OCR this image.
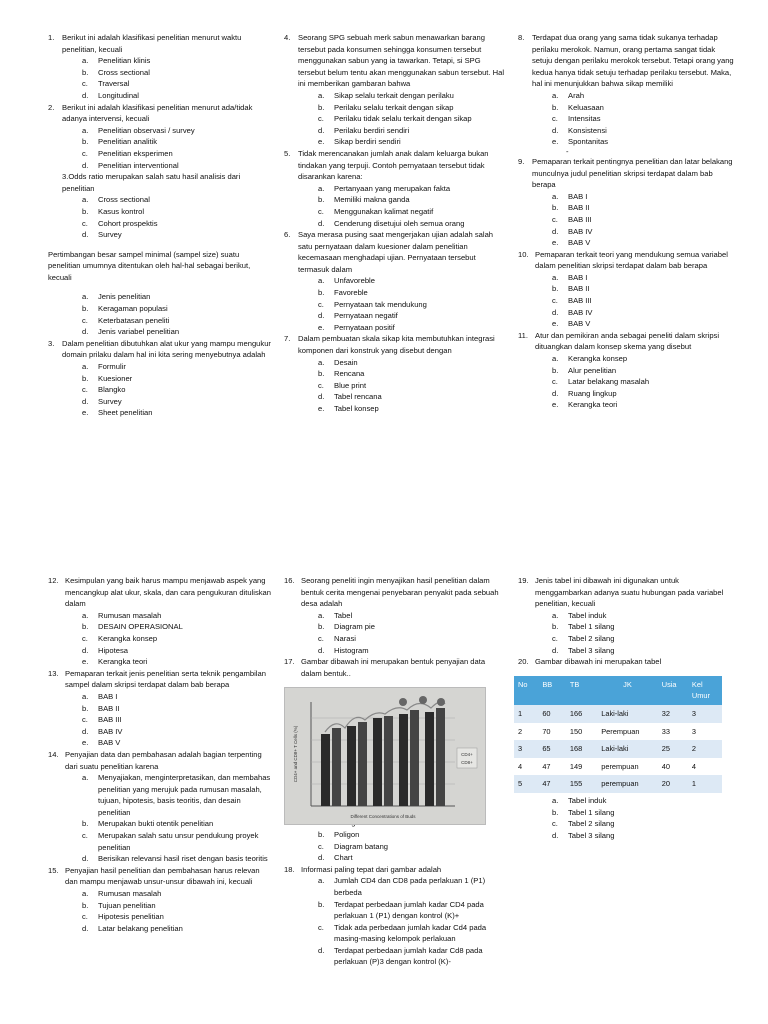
1.	Berikut ini adalah klasifikasi penelitian menurut waktu penelitian, kecuali
a.	Penelitian klinis
b.	Cross sectional
c.	Traversal
d.	Longitudinal
2.	Berikut ini adalah klasifikasi penelitian menurut ada/tidak adanya intervensi, kecuali
a.	Penelitian observasi / survey
b.	Penelitian analitik
c.	Penelitian eksperimen
d.	Penelitian interventional
3.Odds ratio merupakan salah satu hasil analisis dari penelitian
a.	Cross sectional
b.	Kasus kontrol
c.	Cohort prospektis
d.	Survey
Pertimbangan besar sampel minimal (sampel size) suatu penelitian umumnya ditentukan oleh hal-hal sebagai berikut, kecuali
a.	Jenis penelitian
b.	Keragaman populasi
c.	Keterbatasan peneliti
d.	Jenis variabel penelitian
3.	Dalam penelitian dibutuhkan alat ukur yang mampu mengukur domain prilaku dalam hal ini kita sering menyebutnya adalah
a.	Formulir
b.	Kuesioner
c.	Blangko
d.	Survey
e.	Sheet penelitian
4.	Seorang SPG sebuah merk sabun menawarkan barang tersebut pada konsumen sehingga konsumen tersebut menggunakan sabun yang ia tawarkan. Tetapi, si SPG tersebut belum tentu akan menggunakan sabun tersebut. Hal ini memberikan gambaran bahwa
a.	Sikap selalu terkait dengan perilaku
b.	Perilaku selalu terkait dengan sikap
c.	Perilaku tidak selalu terkait dengan sikap
d.	Perilaku berdiri sendiri
e.	Sikap berdiri sendiri
5.	Tidak merencanakan jumlah anak dalam keluarga bukan tindakan yang terpuji. Contoh pernyataan tersebut tidak disarankan karena:
a.	Pertanyaan yang merupakan fakta
b.	Memiliki makna ganda
c.	Menggunakan kalimat negatif
d.	Cenderung disetujui oleh semua orang
6.	Saya merasa pusing saat mengerjakan ujian adalah salah satu pernyataan dalam kuesioner dalam penelitian kecemasaan menghadapi ujian. Pernyataan tersebut termasuk dalam
a.	Unfavoreble
b.	Favoreble
c.	Pernyataan tak mendukung
d.	Pernyataan negatif
e.	Pernyataan positif
7.	Dalam pembuatan skala sikap kita membutuhkan integrasi komponen dari konstruk yang disebut dengan
a.	Desain
b.	Rencana
c.	Blue print
d.	Tabel rencana
e.	Tabel konsep
8.	Terdapat dua orang yang sama tidak sukanya terhadap perilaku merokok. Namun, orang pertama sangat tidak setuju dengan perilaku merokok tersebut. Tetapi orang yang kedua hanya tidak setuju terhadap perilaku tersebut. Maka, hal ini menunjukkan bahwa sikap memiliki
a.	Arah
b.	Keluasaan
c.	Intensitas
d.	Konsistensi
e.	Spontanitas
-
9.	Pemaparan terkait pentingnya penelitian dan latar belakang munculnya judul penelitian skripsi terdapat dalam bab berapa
a.	BAB I
b.	BAB II
c.	BAB III
d.	BAB IV
e.	BAB V
10. Pemaparan terkait teori yang mendukung semua variabel dalam penelitian skripsi terdapat dalam bab berapa
a.	BAB I
b.	BAB II
c.	BAB III
d.	BAB IV
e.	BAB V
11. Atur dan pemikiran anda sebagai peneliti dalam skripsi dituangkan dalam konsep skema yang disebut
a.	Kerangka konsep
b.	Alur penelitian
c.	Latar belakang masalah
d.	Ruang lingkup
e.	Kerangka teori
12. Kesimpulan yang baik harus mampu menjawab aspek yang mencangkup alat ukur, skala, dan cara pengukuran dituliskan dalam
a.	Rumusan masalah
b.	DESAIN OPERASIONAL
c.	Kerangka konsep
d.	Hipotesa
e.	Kerangka teori
13. Pemaparan terkait jenis penelitian serta teknik pengambilan sampel dalam skripsi terdapat dalam bab berapa
a.	BAB I
b.	BAB II
c.	BAB III
d.	BAB IV
e.	BAB V
14. Penyajian data dan pembahasan adalah bagian terpenting dari suatu penelitian karena
a.	Menyajiakan, menginterpretasikan, dan membahas penelitian yang merujuk pada rumusan masalah, tujuan, hipotesis, basis teoritis, dan desain penelitian
b.	Merupakan bukti otentik penelitian
c.	Merupakan salah satu unsur pendukung proyek penelitian
d.	Berisikan relevansi hasil riset dengan basis teoritis
15. Penyajian hasil penelitian dan pembahasan harus relevan dan mampu menjawab unsur-unsur dibawah ini, kecuali
a.	Rumusan masalah
b.	Tujuan penelitian
c.	Hipotesis penelitian
d.	Latar belakang penelitian
16. Seorang peneliti ingin menyajikan hasil penelitian dalam bentuk cerita mengenai penyebaran penyakit pada sebuah desa adalah
a.	Tabel
b.	Diagram pie
c.	Narasi
d.	Histogram
17. Gambar dibawah ini merupakan bentuk penyajian data dalam bentuk..
CD4+
CD8+
Different Concentrations of Buds
CD4+ and CD8+ T Cells (%)
b.	Poligon
c.	Diagram batang
d.	Chart
18. Informasi paling tepat dari gambar adalah
a.	Jumlah CD4 dan CD8 pada perlakuan 1 (P1) berbeda
b.	Terdapat perbedaan jumlah kadar CD4 pada perlakuan 1 (P1) dengan kontrol (K)+
c.	Tidak ada perbedaan jumlah kadar Cd4 pada masing-masing kelompok perlakuan
d.	Terdapat perbedaan jumlah kadar Cd8 pada perlakuan (P)3 dengan kontrol (K)-
19. Jenis tabel ini dibawah ini digunakan untuk menggambarkan adanya suatu hubungan pada variabel penelitian, kecuali
a.	Tabel induk
b.	Tabel 1 silang
c.	Tabel 2 silang
d.	Tabel 3 silang
20. Gambar dibawah ini merupakan tabel
No	BB	TB	JK	Usia	Kel Umur
1	60	166	Laki-laki	32	3
2	70	150	Perempuan	33	3
3	65	168	Laki-laki	25	2
4	47	149	perempuan	40	4
5	47	155	perempuan	20	1
a.	Tabel induk
b.	Tabel 1 silang
c.	Tabel 2 silang
d.	Tabel 3 silang
